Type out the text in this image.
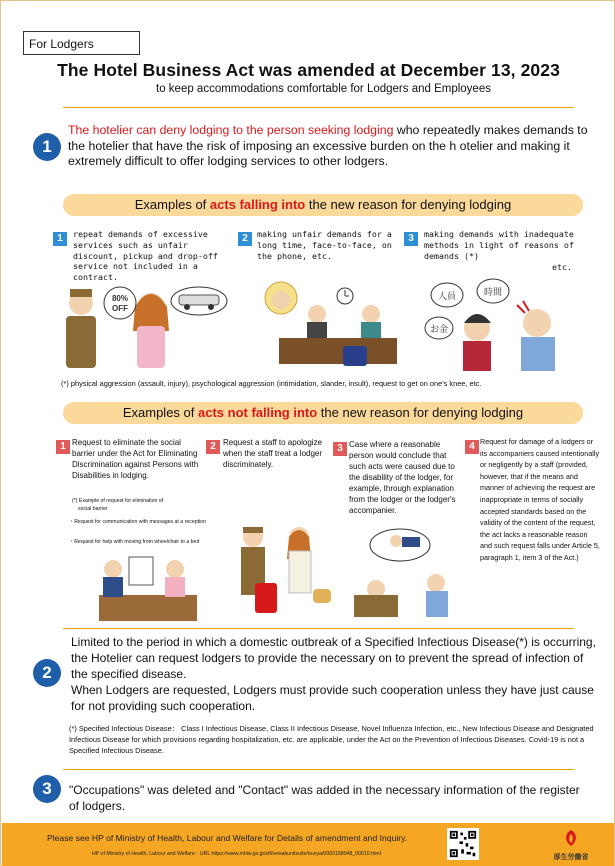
For Lodgers
The Hotel Business Act was amended at December 13, 2023
to keep accommodations comfortable for Lodgers and Employees
1
The hotelier can deny lodging to the person seeking lodging who repeatedly makes demands to the hotelier that have the risk of imposing an excessive burden on the h otelier and making it extremely difficult to offer lodging services to other lodgers.
Examples of acts falling into the new reason for denying lodging
1	repeat demands of excessive services such as unfair discount, pickup and drop-off service not included in a contract.
2	making unfair demands for a long time, face-to-face, on the phone, etc.
3	making demands with inadequate methods in light of reasons of demands (*)
etc.
80%
OFF
人員	時間
お金
(*) physical aggression (assault, injury), psychological aggression (intimidation, slander, insult), request to get on one's knee, etc.
Examples of acts not falling into the new reason for denying lodging
1 Request to eliminate the social barrier under the Act for Eliminating Discrimination against Persons with Disabilities in lodging.
(*) Example of request for elimination of
social barrier
・Request for communication with messages at a reception
・Request for help with moving from wheelchair to a bed
2 Request a staff to apologize when the staff treat a lodger discriminately.
3 Case where a reasonable person would conclude that such acts were caused due to the disability of the lodger, for example, through explanation from the lodger or the lodger's accompanier.
4 Request for damage of a lodgers or its accompaniers caused intentionally or negligently by a staff (provided, however, that if the means and manner of achieving the request are inappropriate in terms of socially accepted standards based on the validity of the content of the request, the act lacks a reasonable reason and such request falls under Article 5, paragraph 1, item 3 of the Act.)
2
Limited to the period in which a domestic outbreak of a Specified Infectious Disease(*) is occurring, the Hotelier can request lodgers to provide the necessary on to prevent the spread of infection of the specified disease.
When Lodgers are requested, Lodgers must provide such cooperation unless they have just cause for not providing such cooperation.
(*) Specified Infectious Disease： Class I Infectious Disease, Class II Infectious Disease, Novel Influenza Infection, etc., New Infectious Disease and Designated Infectious Disease for which provisions regarding hospitalization, etc. are applicable, under the Act on the Prevention of Infectious Diseases. Covid-19 is not a Specified Infectious Disease.
3	"Occupations" was deleted and "Contact" was added in the necessary information of the register of lodgers.
Please see HP of Ministry of Health, Labour and Welfare for Details of amendment and Inquiry.
HP of Ministry of Health, Labour and Welfare：URL https://www.mhlw.go.jp/stf/seisakunitsuite/bunya/0000188048_00010.html	厚生労働省
